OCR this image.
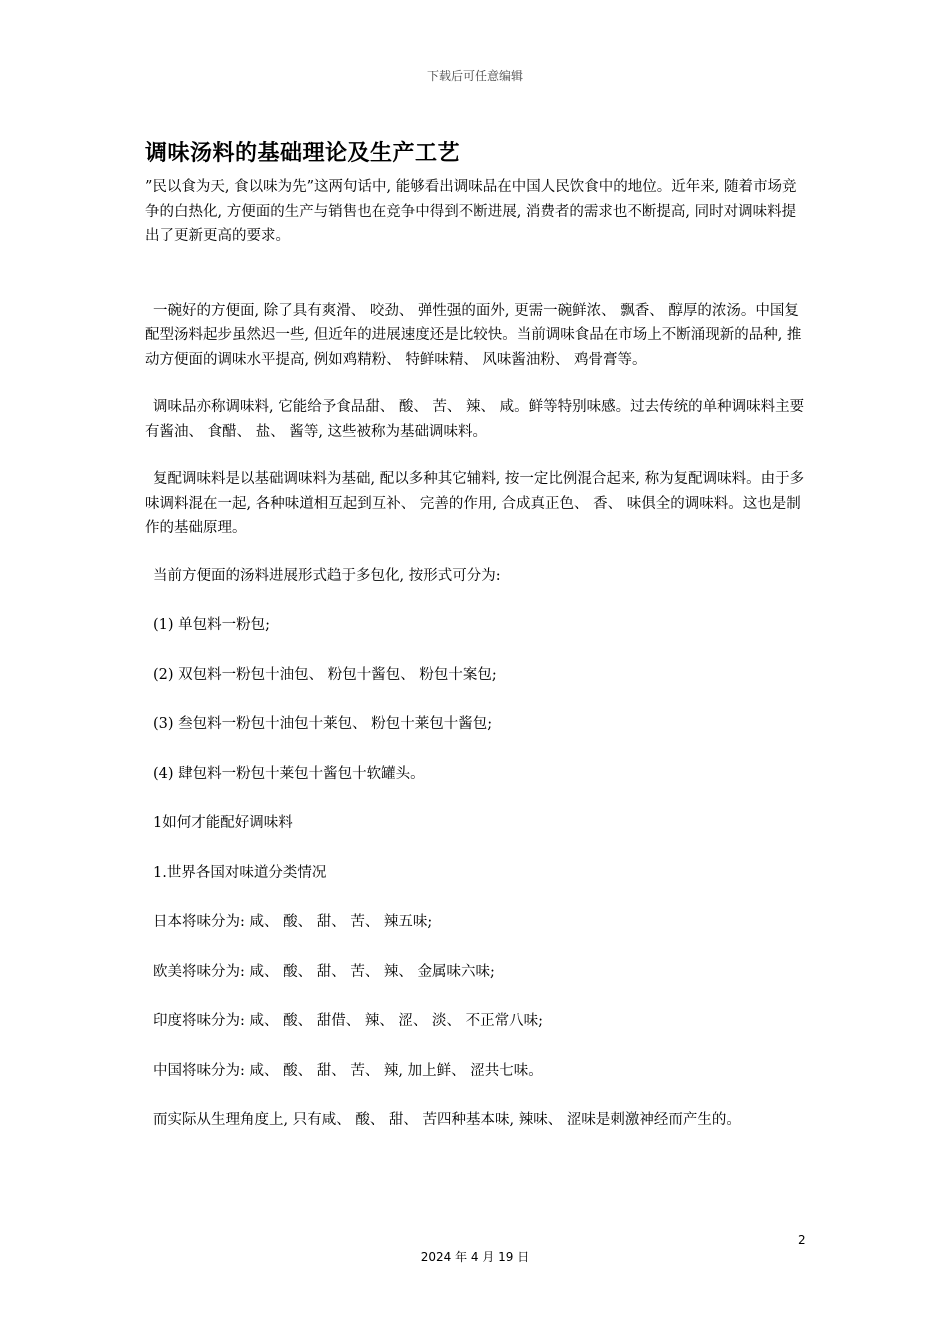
下载后可任意编辑
调味汤料的基础理论及生产工艺

”民以食为天, 食以味为先”这两句话中, 能够看出调味品在中国人民饮食中的地位。近年来, 随着市场竞争的白热化, 方便面的生产与销售也在竞争中得到不断进展, 消费者的需求也不断提高, 同时对调味料提出了更新更高的要求。

一碗好的方便面, 除了具有爽滑、 咬劲、 弹性强的面外, 更需一碗鲜浓、 飘香、 醇厚的浓汤。中国复配型汤料起步虽然迟一些, 但近年的进展速度还是比较快。当前调味食品在市场上不断涌现新的品种, 推动方便面的调味水平提高, 例如鸡精粉、 特鲜味精、 风味酱油粉、 鸡骨膏等。

调味品亦称调味料, 它能给予食品甜、 酸、 苦、 辣、 咸。鲜等特别味感。过去传统的单种调味料主要有酱油、 食醋、 盐、 酱等, 这些被称为基础调味料。

复配调味料是以基础调味料为基础, 配以多种其它辅料, 按一定比例混合起来, 称为复配调味料。由于多味调料混在一起, 各种味道相互起到互补、 完善的作用, 合成真正色、 香、 味俱全的调味料。这也是制作的基础原理。

当前方便面的汤料进展形式趋于多包化, 按形式可分为:

(1) 单包料一粉包;

(2) 双包料一粉包十油包、 粉包十酱包、 粉包十案包;

(3) 叁包料一粉包十油包十莱包、 粉包十莱包十酱包;

(4) 肆包料一粉包十莱包十酱包十软罐头。

1如何才能配好调味料

1.世界各国对味道分类情况

日本将味分为: 咸、 酸、 甜、 苦、 辣五味;

欧美将味分为: 咸、 酸、 甜、 苦、 辣、 金属味六味;

印度将味分为: 咸、 酸、 甜借、 辣、 涩、 淡、 不正常八味;

中国将味分为: 咸、 酸、 甜、 苦、 辣, 加上鲜、 涩共七味。

而实际从生理角度上, 只有咸、 酸、 甜、 苦四种基本味, 辣味、 涩味是刺激神经而产生的。

2
2024 年 4 月 19 日
